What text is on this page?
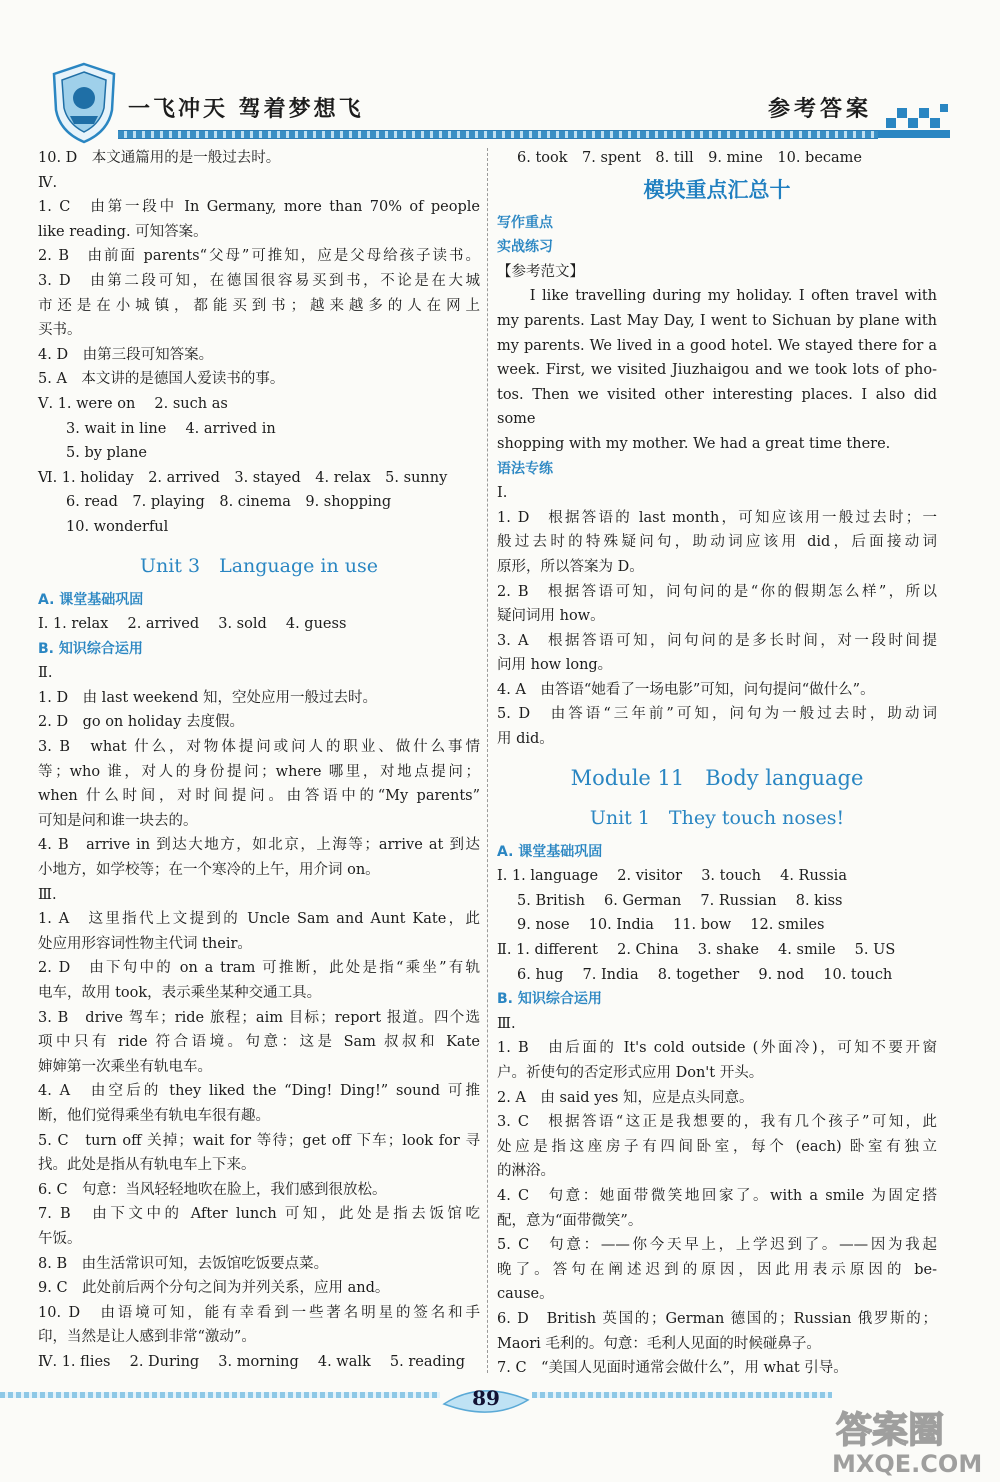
一飞冲天 驾着梦想飞	参考答案
10. D　本文通篇用的是一般过去时。
Ⅳ.
1. C　由第一段中 In Germany, more than 70% of people
like reading. 可知答案。
2. B　由前面 parents“父母”可推知，应是父母给孩子读书。
3. D　由第二段可知，在德国很容易买到书，不论是在大城
市还是在小城镇，都能买到书；越来越多的人在网上
买书。
4. D　由第三段可知答案。
5. A　本文讲的是德国人爱读书的事。
Ⅴ. 1. were on　 2. such as
3. wait in line　 4. arrived in
5. by plane
Ⅵ. 1. holiday　2. arrived　3. stayed　4. relax　5. sunny
6. read　7. playing　8. cinema　9. shopping
10. wonderful
Unit 3　Language in use
A. 课堂基础巩固
Ⅰ. 1. relax　 2. arrived　 3. sold　 4. guess
B. 知识综合运用
Ⅱ.
1. D　由 last weekend 知，空处应用一般过去时。
2. D　go on holiday 去度假。
3. B　what 什么，对物体提问或问人的职业、做什么事情
等；who 谁，对人的身份提问；where 哪里，对地点提问；
when 什么时间，对时间提问。由答语中的“My parents”
可知是问和谁一块去的。
4. B　arrive in 到达大地方，如北京，上海等；arrive at 到达
小地方，如学校等；在一个寒冷的上午，用介词 on。
Ⅲ.
1. A　这里指代上文提到的 Uncle Sam and Aunt Kate，此
处应用形容词性物主代词 their。
2. D　由下句中的 on a tram 可推断，此处是指“乘坐”有轨
电车，故用 took，表示乘坐某种交通工具。
3. B　drive 驾车；ride 旅程；aim 目标；report 报道。四个选
项中只有 ride 符合语境。句意：这是 Sam 叔叔和 Kate
婶婶第一次乘坐有轨电车。
4. A　由空后的 they liked the “Ding! Ding!” sound 可推
断，他们觉得乘坐有轨电车很有趣。
5. C　turn off 关掉；wait for 等待；get off 下车；look for 寻
找。此处是指从有轨电车上下来。
6. C　句意：当风轻轻地吹在脸上，我们感到很放松。
7. B　由下文中的 After lunch 可知，此处是指去饭馆吃
午饭。
8. B　由生活常识可知，去饭馆吃饭要点菜。
9. C　此处前后两个分句之间为并列关系，应用 and。
10. D　由语境可知，能有幸看到一些著名明星的签名和手
印，当然是让人感到非常“激动”。
Ⅳ. 1. flies　 2. During　 3. morning　 4. walk　 5. reading
6. took　7. spent　8. till　9. mine　10. became
模块重点汇总十
写作重点
实战练习
【参考范文】
　　I like travelling during my holiday. I often travel with
my parents. Last May Day, I went to Sichuan by plane with
my parents. We lived in a good hotel. We stayed there for a
week. First, we visited Jiuzhaigou and we took lots of pho-
tos. Then we visited other interesting places. I also did some
shopping with my mother. We had a great time there.
语法专练
Ⅰ.
1. D　根据答语的 last month，可知应该用一般过去时；一
般过去时的特殊疑问句，助动词应该用 did，后面接动词
原形，所以答案为 D。
2. B　根据答语可知，问句问的是“你的假期怎么样”，所以
疑问词用 how。
3. A　根据答语可知，问句问的是多长时间，对一段时间提
问用 how long。
4. A　由答语“她看了一场电影”可知，问句提问“做什么”。
5. D　由答语“三年前”可知，问句为一般过去时，助动词
用 did。
Module 11　Body language
Unit 1　They touch noses!
A. 课堂基础巩固
Ⅰ. 1. language　 2. visitor　 3. touch　 4. Russia
5. British　 6. German　 7. Russian　 8. kiss
9. nose　 10. India　 11. bow　 12. smiles
Ⅱ. 1. different　 2. China　 3. shake　 4. smile　 5. US
6. hug　 7. India　 8. together　 9. nod　 10. touch
B. 知识综合运用
Ⅲ.
1. B　由后面的 It's cold outside (外面冷)，可知不要开窗
户。祈使句的否定形式应用 Don't 开头。
2. A　由 said yes 知，应是点头同意。
3. C　根据答语“这正是我想要的，我有几个孩子”可知，此
处应是指这座房子有四间卧室，每个 (each) 卧室有独立
的淋浴。
4. C　句意：她面带微笑地回家了。with a smile 为固定搭
配，意为“面带微笑”。
5. C　句意：——你今天早上，上学迟到了。——因为我起
晚了。答句在阐述迟到的原因，因此用表示原因的 be-
cause。
6. D　British 英国的；German 德国的；Russian 俄罗斯的；
Maori 毛利的。句意：毛利人见面的时候碰鼻子。
7. C　“美国人见面时通常会做什么”，用 what 引导。
89
答案圈
MXQE.COM
